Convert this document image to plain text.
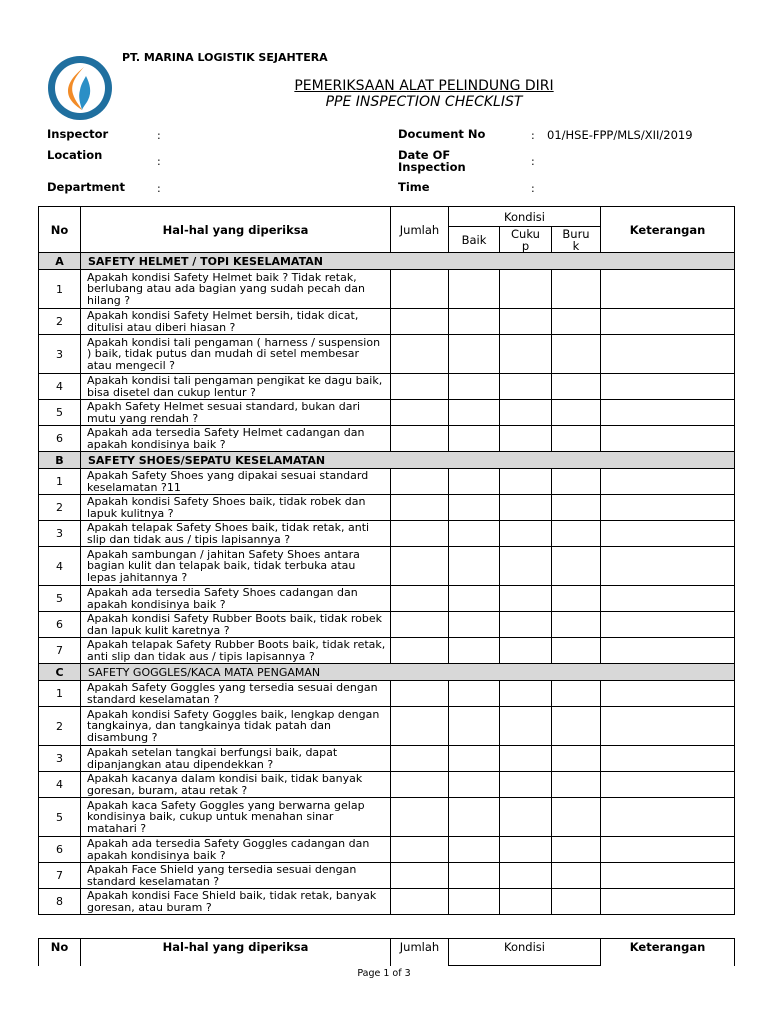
PT. MARINA LOGISTIK SEJAHTERA
PEMERIKSAAN ALAT PELINDUNG DIRI
PPE INSPECTION CHECKLIST
Inspector	:
Location	:
Department	:
Document No	: 01/HSE-FPP/MLS/XII/2019
Date OF
Inspection	:
Time	:
No	Hal-hal yang diperiksa	Jumlah	Kondisi			Keterangan
			Baik	Cuku p	Buru k	
A	SAFETY HELMET / TOPI KESELAMATAN					
1	Apakah kondisi Safety Helmet baik ? Tidak retak, berlubang atau ada bagian yang sudah pecah dan hilang ?					
2	Apakah kondisi Safety Helmet bersih, tidak dicat, ditulisi atau diberi hiasan ?					
3	Apakah kondisi tali pengaman ( harness / suspension ) baik, tidak putus dan mudah di setel membesar atau mengecil ?					
4	Apakah kondisi tali pengaman pengikat ke dagu baik, bisa disetel dan cukup lentur ?					
5	Apakh Safety Helmet sesuai standard, bukan dari mutu yang rendah ?					
6	Apakah ada tersedia Safety Helmet cadangan dan apakah kondisinya baik ?					
B	SAFETY SHOES/SEPATU KESELAMATAN					
1	Apakah Safety Shoes yang dipakai sesuai standard keselamatan ?11					
2	Apakah kondisi Safety Shoes baik, tidak robek dan lapuk kulitnya ?					
3	Apakah telapak Safety Shoes baik, tidak retak, anti slip dan tidak aus / tipis lapisannya ?					
4	Apakah sambungan / jahitan Safety Shoes antara bagian kulit dan telapak baik, tidak terbuka atau lepas jahitannya ?					
5	Apakah ada tersedia Safety Shoes cadangan dan apakah kondisinya baik ?					
6	Apakah kondisi Safety Rubber Boots baik, tidak robek dan lapuk kulit karetnya ?					
7	Apakah telapak Safety Rubber Boots baik, tidak retak, anti slip dan tidak aus / tipis lapisannya ?					
C	SAFETY GOGGLES/KACA MATA PENGAMAN					
1	Apakah Safety Goggles yang tersedia sesuai dengan standard keselamatan ?					
2	Apakah kondisi Safety Goggles baik, lengkap dengan tangkainya, dan tangkainya tidak patah dan disambung ?					
3	Apakah setelan tangkai berfungsi baik, dapat dipanjangkan atau dipendekkan ?					
4	Apakah kacanya dalam kondisi baik, tidak banyak goresan, buram, atau retak ?					
5	Apakah kaca Safety Goggles yang berwarna gelap kondisinya baik, cukup untuk menahan sinar matahari ?					
6	Apakah ada tersedia Safety Goggles cadangan dan apakah kondisinya baik ?					
7	Apakah Face Shield yang tersedia sesuai dengan standard keselamatan ?					
8	Apakah kondisi Face Shield baik, tidak retak, banyak goresan, atau buram ?					
No	Hal-hal yang diperiksa	Jumlah	Kondisi	Keterangan
Page 1 of 3
